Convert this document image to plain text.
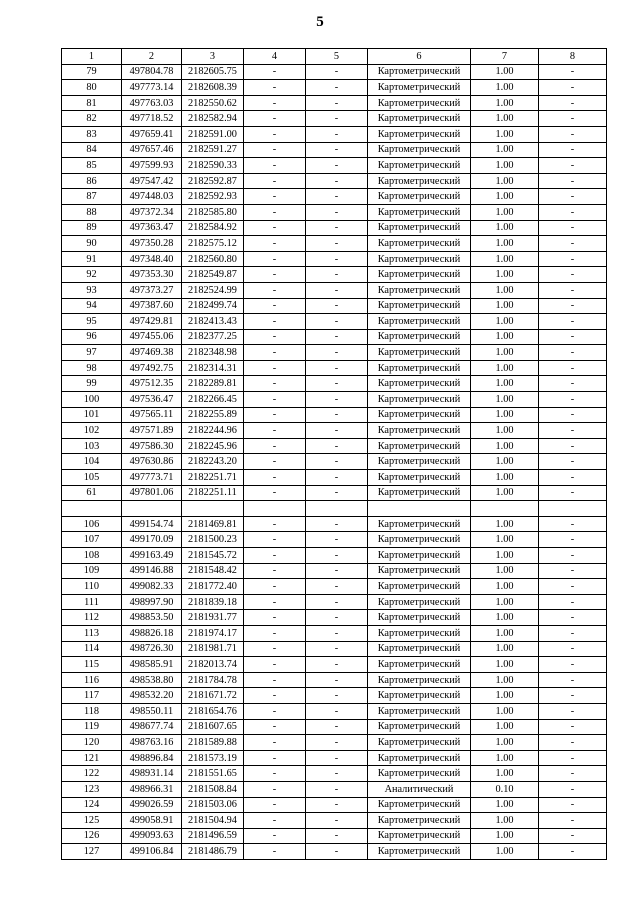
5
1	2	3	4	5	6	7	8
79	497804.78	2182605.75	-	-	Картометрический	1.00	-
80	497773.14	2182608.39	-	-	Картометрический	1.00	-
81	497763.03	2182550.62	-	-	Картометрический	1.00	-
82	497718.52	2182582.94	-	-	Картометрический	1.00	-
83	497659.41	2182591.00	-	-	Картометрический	1.00	-
84	497657.46	2182591.27	-	-	Картометрический	1.00	-
85	497599.93	2182590.33	-	-	Картометрический	1.00	-
86	497547.42	2182592.87	-	-	Картометрический	1.00	-
87	497448.03	2182592.93	-	-	Картометрический	1.00	-
88	497372.34	2182585.80	-	-	Картометрический	1.00	-
89	497363.47	2182584.92	-	-	Картометрический	1.00	-
90	497350.28	2182575.12	-	-	Картометрический	1.00	-
91	497348.40	2182560.80	-	-	Картометрический	1.00	-
92	497353.30	2182549.87	-	-	Картометрический	1.00	-
93	497373.27	2182524.99	-	-	Картометрический	1.00	-
94	497387.60	2182499.74	-	-	Картометрический	1.00	-
95	497429.81	2182413.43	-	-	Картометрический	1.00	-
96	497455.06	2182377.25	-	-	Картометрический	1.00	-
97	497469.38	2182348.98	-	-	Картометрический	1.00	-
98	497492.75	2182314.31	-	-	Картометрический	1.00	-
99	497512.35	2182289.81	-	-	Картометрический	1.00	-
100	497536.47	2182266.45	-	-	Картометрический	1.00	-
101	497565.11	2182255.89	-	-	Картометрический	1.00	-
102	497571.89	2182244.96	-	-	Картометрический	1.00	-
103	497586.30	2182245.96	-	-	Картометрический	1.00	-
104	497630.86	2182243.20	-	-	Картометрический	1.00	-
105	497773.71	2182251.71	-	-	Картометрический	1.00	-
61	497801.06	2182251.11	-	-	Картометрический	1.00	-

106	499154.74	2181469.81	-	-	Картометрический	1.00	-
107	499170.09	2181500.23	-	-	Картометрический	1.00	-
108	499163.49	2181545.72	-	-	Картометрический	1.00	-
109	499146.88	2181548.42	-	-	Картометрический	1.00	-
110	499082.33	2181772.40	-	-	Картометрический	1.00	-
111	498997.90	2181839.18	-	-	Картометрический	1.00	-
112	498853.50	2181931.77	-	-	Картометрический	1.00	-
113	498826.18	2181974.17	-	-	Картометрический	1.00	-
114	498726.30	2181981.71	-	-	Картометрический	1.00	-
115	498585.91	2182013.74	-	-	Картометрический	1.00	-
116	498538.80	2181784.78	-	-	Картометрический	1.00	-
117	498532.20	2181671.72	-	-	Картометрический	1.00	-
118	498550.11	2181654.76	-	-	Картометрический	1.00	-
119	498677.74	2181607.65	-	-	Картометрический	1.00	-
120	498763.16	2181589.88	-	-	Картометрический	1.00	-
121	498896.84	2181573.19	-	-	Картометрический	1.00	-
122	498931.14	2181551.65	-	-	Картометрический	1.00	-
123	498966.31	2181508.84	-	-	Аналитический	0.10	-
124	499026.59	2181503.06	-	-	Картометрический	1.00	-
125	499058.91	2181504.94	-	-	Картометрический	1.00	-
126	499093.63	2181496.59	-	-	Картометрический	1.00	-
127	499106.84	2181486.79	-	-	Картометрический	1.00	-
